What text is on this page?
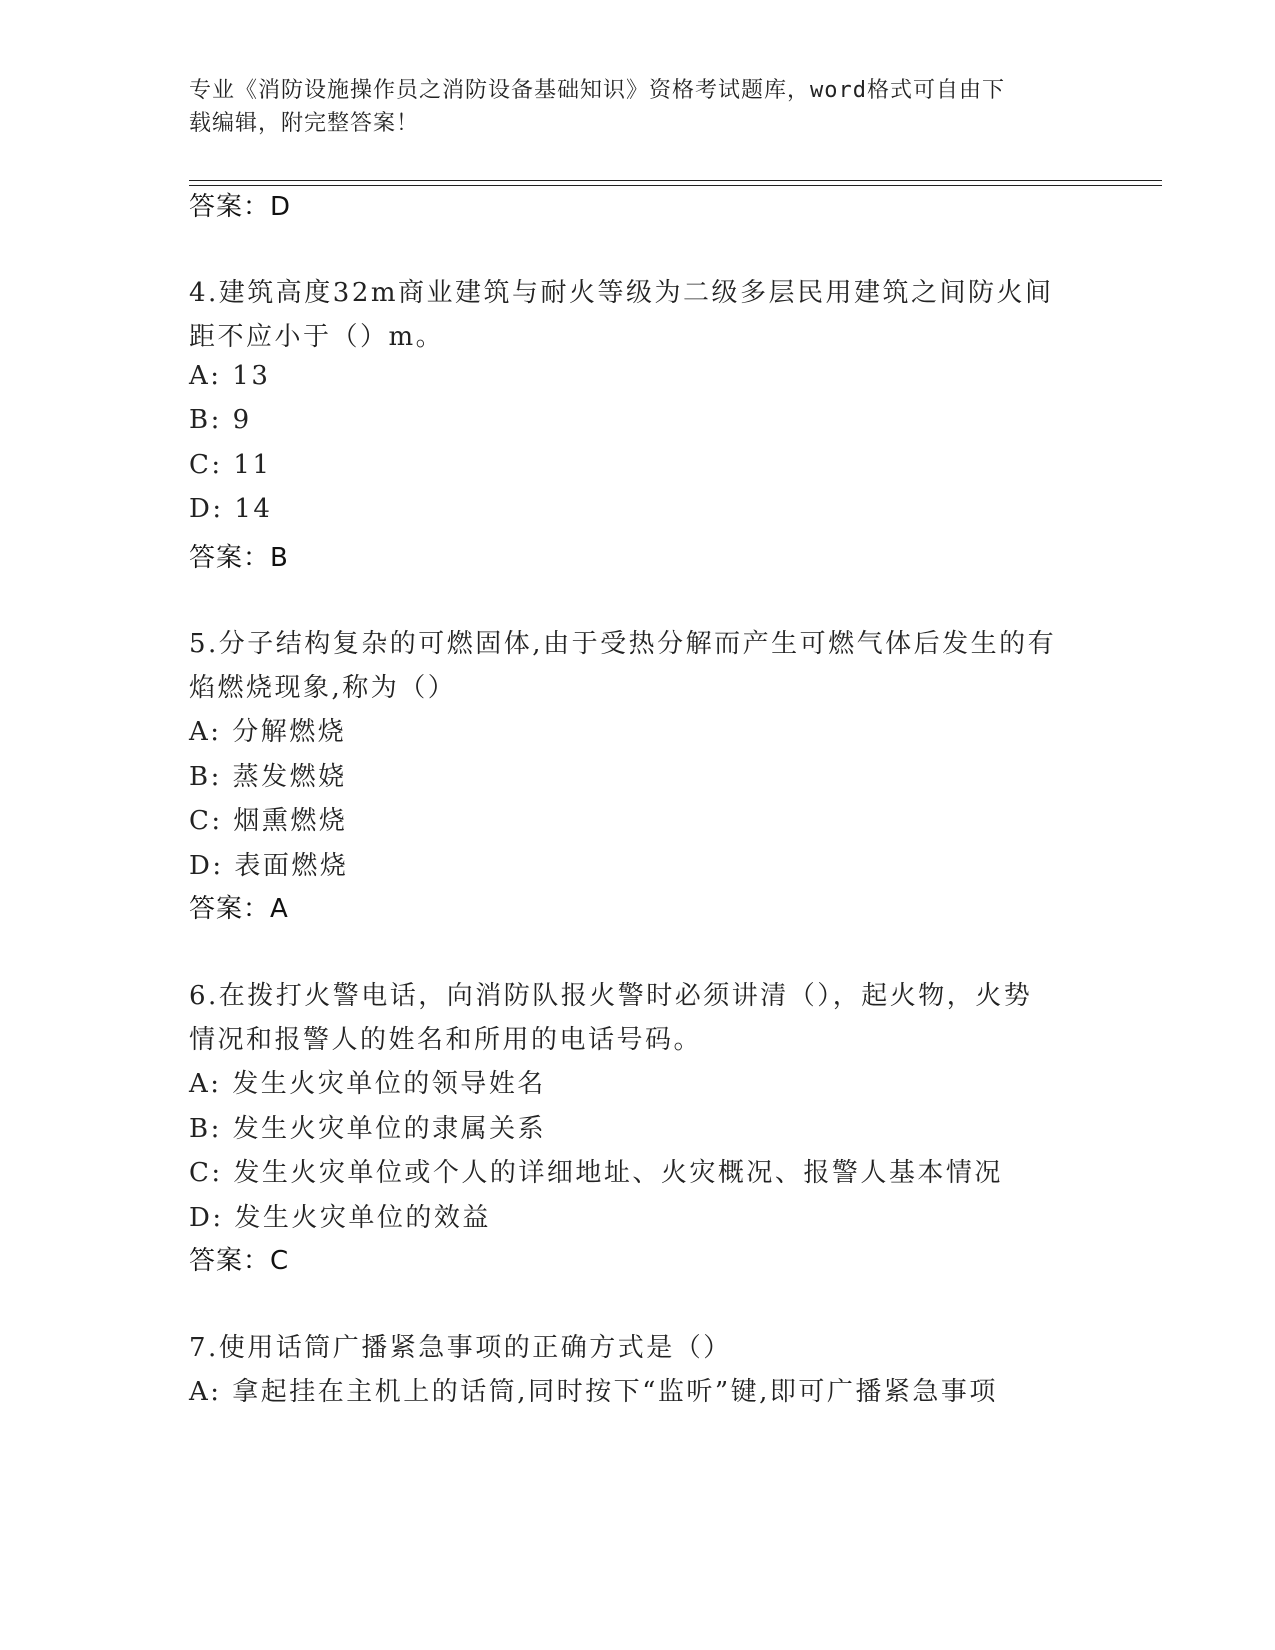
专业《消防设施操作员之消防设备基础知识》资格考试题库，word格式可自由下
载编辑，附完整答案！
答案：D
4.建筑高度32m商业建筑与耐火等级为二级多层民用建筑之间防火间
距不应小于（）m。
A: 13
B: 9
C: 11
D: 14
答案：B
5.分子结构复杂的可燃固体,由于受热分解而产生可燃气体后发生的有
焰燃烧现象,称为（）
A: 分解燃烧
B: 蒸发燃娆
C: 烟熏燃烧
D: 表面燃烧
答案：A
6.在拨打火警电话，向消防队报火警时必须讲清（），起火物，火势
情况和报警人的姓名和所用的电话号码。
A: 发生火灾单位的领导姓名
B: 发生火灾单位的隶属关系
C: 发生火灾单位或个人的详细地址、火灾概况、报警人基本情况
D: 发生火灾单位的效益
答案：C
7.使用话筒广播紧急事项的正确方式是（）
A: 拿起挂在主机上的话筒,同时按下“监听”键,即可广播紧急事项
